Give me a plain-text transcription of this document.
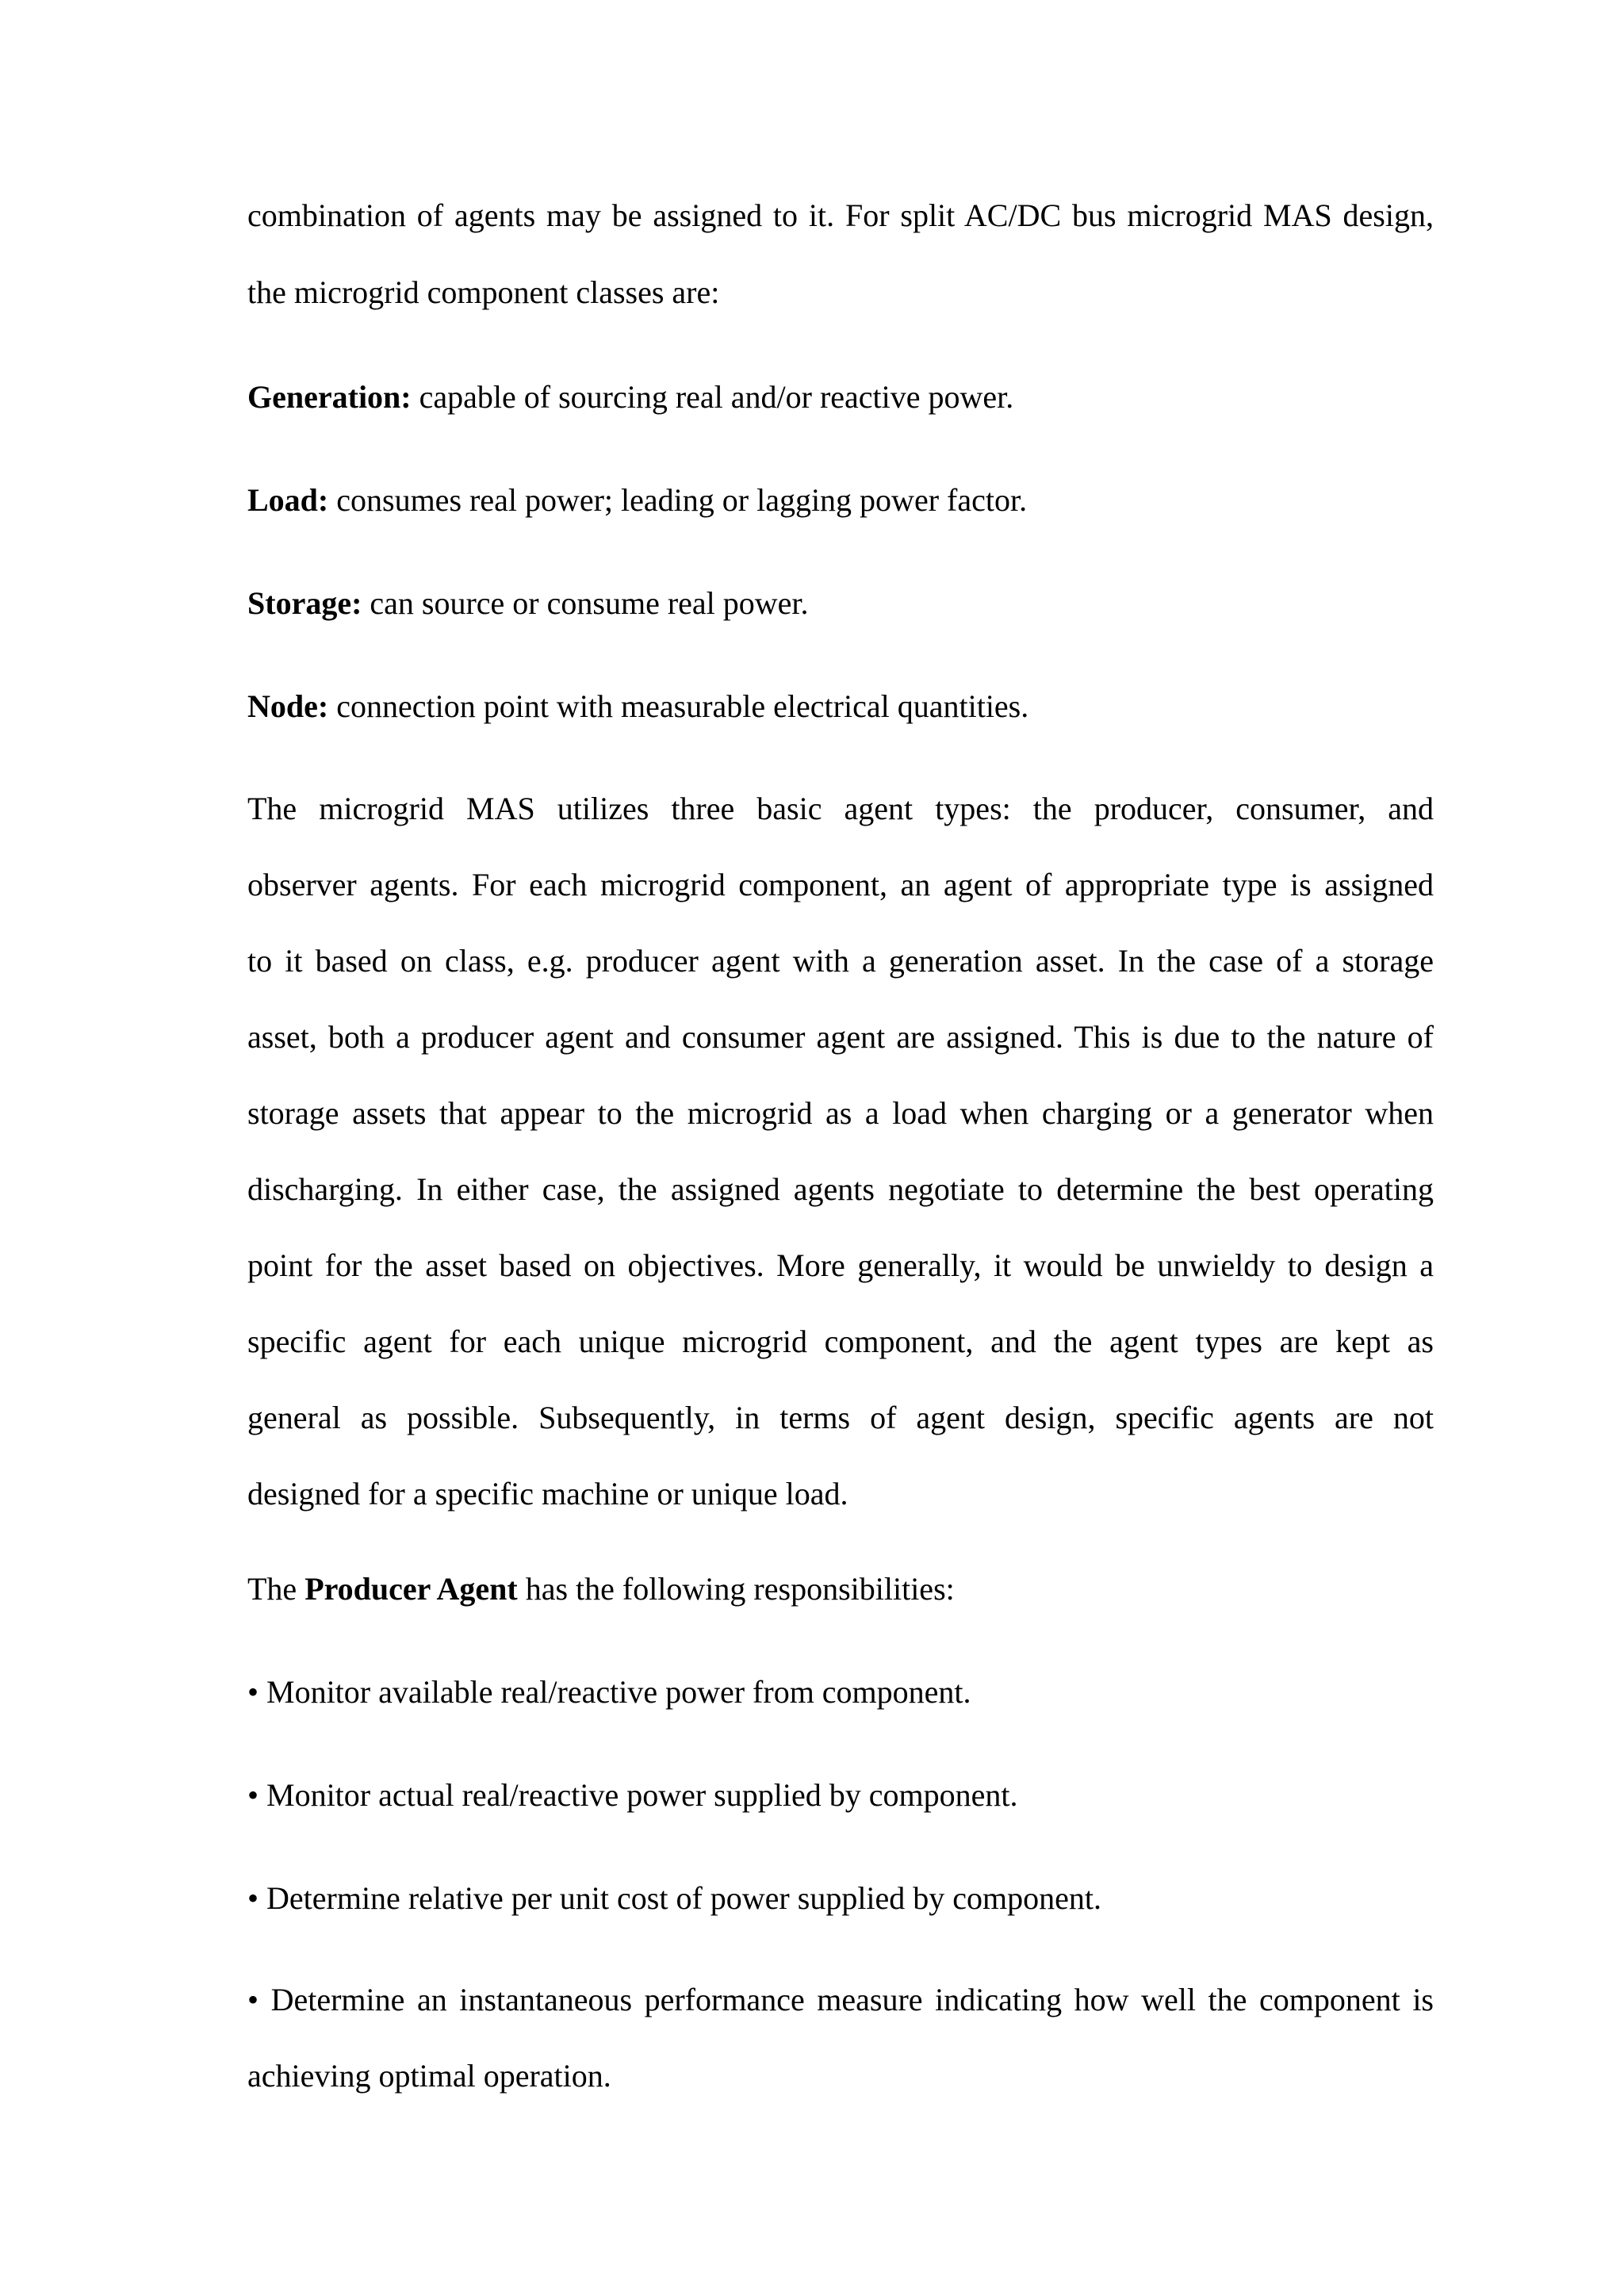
combination of agents may be assigned to it. For split AC/DC bus microgrid MAS design,
the microgrid component classes are:
Generation: capable of sourcing real and/or reactive power.
Load: consumes real power; leading or lagging power factor.
Storage: can source or consume real power.
Node: connection point with measurable electrical quantities.
The microgrid MAS utilizes three basic agent types: the producer, consumer, and
observer agents. For each microgrid component, an agent of appropriate type is assigned
to it based on class, e.g. producer agent with a generation asset. In the case of a storage
asset, both a producer agent and consumer agent are assigned. This is due to the nature of
storage assets that appear to the microgrid as a load when charging or a generator when
discharging. In either case, the assigned agents negotiate to determine the best operating
point for the asset based on objectives. More generally, it would be unwieldy to design a
specific agent for each unique microgrid component, and the agent types are kept as
general as possible. Subsequently, in terms of agent design, specific agents are not
designed for a specific machine or unique load.
The Producer Agent has the following responsibilities:
• Monitor available real/reactive power from component.
• Monitor actual real/reactive power supplied by component.
• Determine relative per unit cost of power supplied by component.
• Determine an instantaneous performance measure indicating how well the component is
achieving optimal operation.
